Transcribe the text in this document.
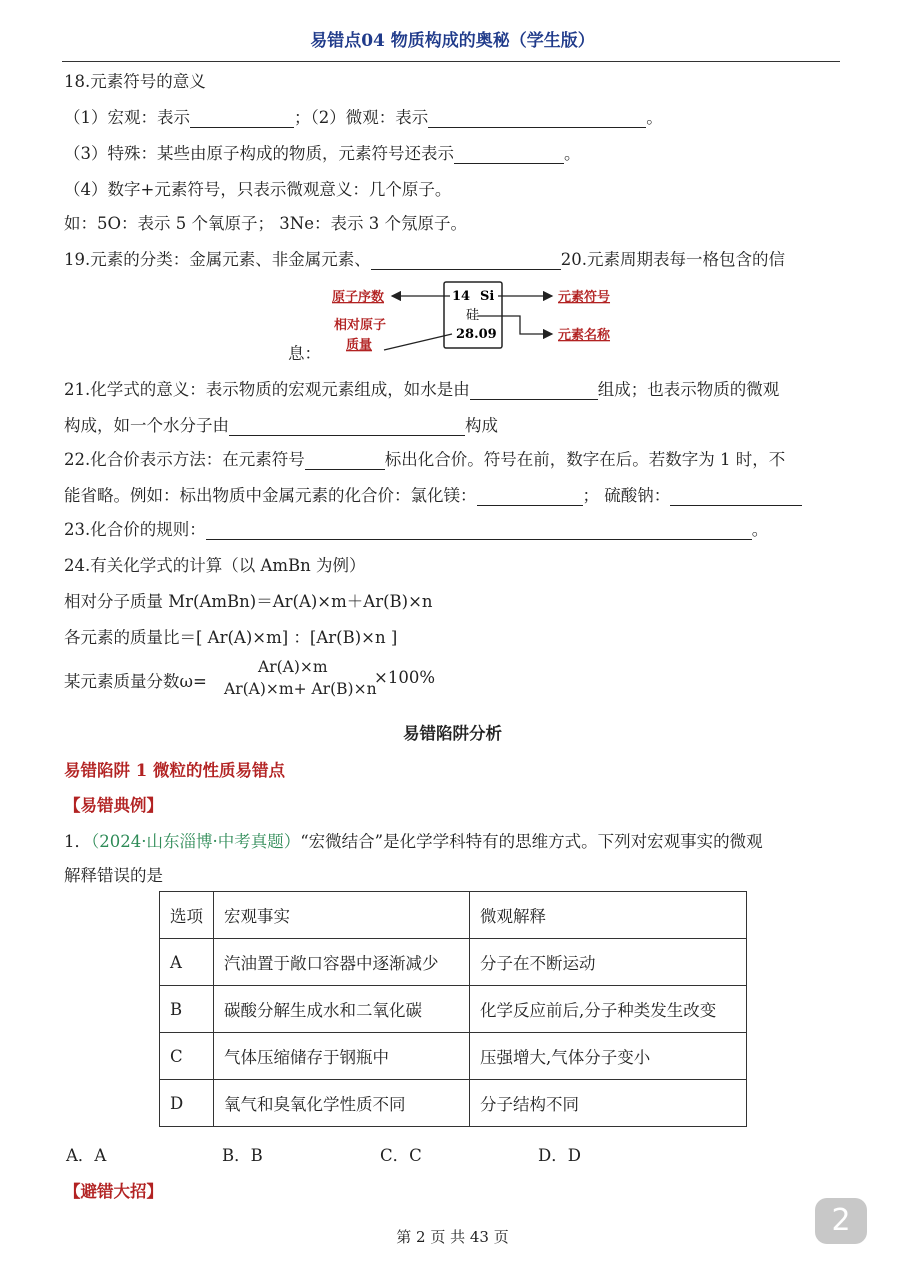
易错点04 物质构成的奥秘（学生版）
18.元素符号的意义
（1）宏观：表示	；（2）微观：表示	。
（3）特殊：某些由原子构成的物质，元素符号还表示	。
（4）数字+元素符号，只表示微观意义：几个原子。
如：5O：表示 5 个氧原子； 3Ne：表示 3 个氖原子。
19.元素的分类：金属元素、非金属元素、	20.元素周期表每一格包含的信
14 Si
硅
28.09
原子序数
相对原子
质量
元素符号
元素名称
息：
21.化学式的意义：表示物质的宏观元素组成，如水是由	组成；也表示物质的微观
构成，如一个水分子由	构成
22.化合价表示方法：在元素符号	标出化合价。符号在前，数字在后。若数字为 1 时，不
能省略。例如：标出物质中金属元素的化合价：氯化镁：	； 硫酸钠：
23.化合价的规则：	。
24.有关化学式的计算（以 AmBn 为例）
相对分子质量 Mr(AmBn)＝Ar(A)×m＋Ar(B)×n
各元素的质量比＝[ Ar(A)×m] ：[Ar(B)×n ]
某元素质量分数ω=
Ar(A)×m
Ar(A)×m+ Ar(B)×n
×100%
易错陷阱分析
易错陷阱 1 微粒的性质易错点
【易错典例】
1．（2024·山东淄博·中考真题）“宏微结合”是化学学科特有的思维方式。下列对宏观事实的微观
解释错误的是
选项	宏观事实	微观解释
A	汽油置于敞口容器中逐渐减少	分子在不断运动
B	碳酸分解生成水和二氧化碳	化学反应前后,分子种类发生改变
C	气体压缩储存于钢瓶中	压强增大,气体分子变小
D	氧气和臭氧化学性质不同	分子结构不同
A．A	B．B	C．C	D．D
【避错大招】
第 2 页 共 43 页	2
